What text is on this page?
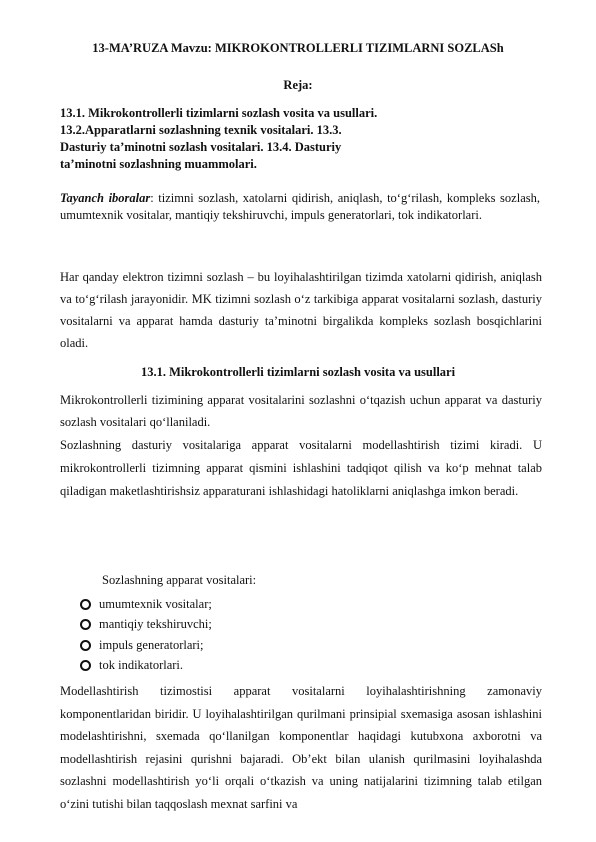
13-MA’RUZA Mavzu: MIKROKONTROLLERLI TIZIMLARNI SOZLASh
Reja:
13.1. Mikrokontrollerli tizimlarni sozlash vosita va usullari.
13.2.Apparatlarni sozlashning texnik vositalari. 13.3.
Dasturiy ta’minotni sozlash vositalari. 13.4. Dasturiy
ta’minotni sozlashning muammolari.
Tayanch iboralar: tizimni sozlash, xatolarni qidirish, aniqlash, to‘g‘rilash, kompleks sozlash, umumtexnik vositalar, mantiqiy tekshiruvchi, impuls generatorlari, tok indikatorlari.
Har qanday elektron tizimni sozlash – bu loyihalashtirilgan tizimda xatolarni qidirish, aniqlash va to‘g‘rilash jarayonidir. MK tizimni sozlash o‘z tarkibiga apparat vositalarni sozlash, dasturiy vositalarni va apparat hamda dasturiy ta’minotni birgalikda kompleks sozlash bosqichlarini oladi.
13.1. Mikrokontrollerli tizimlarni sozlash vosita va usullari
Mikrokontrollerli tizimining apparat vositalarini sozlashni o‘tqazish uchun apparat va dasturiy sozlash vositalari qo‘llaniladi.
Sozlashning dasturiy vositalariga apparat vositalarni modellashtirish tizimi kiradi. U mikrokontrollerli tizimning apparat qismini ishlashini tadqiqot qilish va ko‘p mehnat talab qiladigan maketlashtirishsiz apparaturani ishlashidagi hatoliklarni aniqlashga imkon beradi.
Sozlashning apparat vositalari:
umumtexnik vositalar;
mantiqiy tekshiruvchi;
impuls generatorlari;
tok indikatorlari.
Modellashtirish tizimostisi apparat vositalarni loyihalashtirishning zamonaviy komponentlaridan biridir. U loyihalashtirilgan qurilmani prinsipial sxemasiga asosan ishlashini modelashtirishni, sxemada qo‘llanilgan komponentlar haqidagi kutubxona axborotni va modellashtirish rejasini qurishni bajaradi. Ob’ekt bilan ulanish qurilmasini loyihalashda sozlashni modellashtirish yo‘li orqali o‘tkazish va uning natijalarini tizimning talab etilgan o‘zini tutishi bilan taqqoslash mexnat sarfini va
